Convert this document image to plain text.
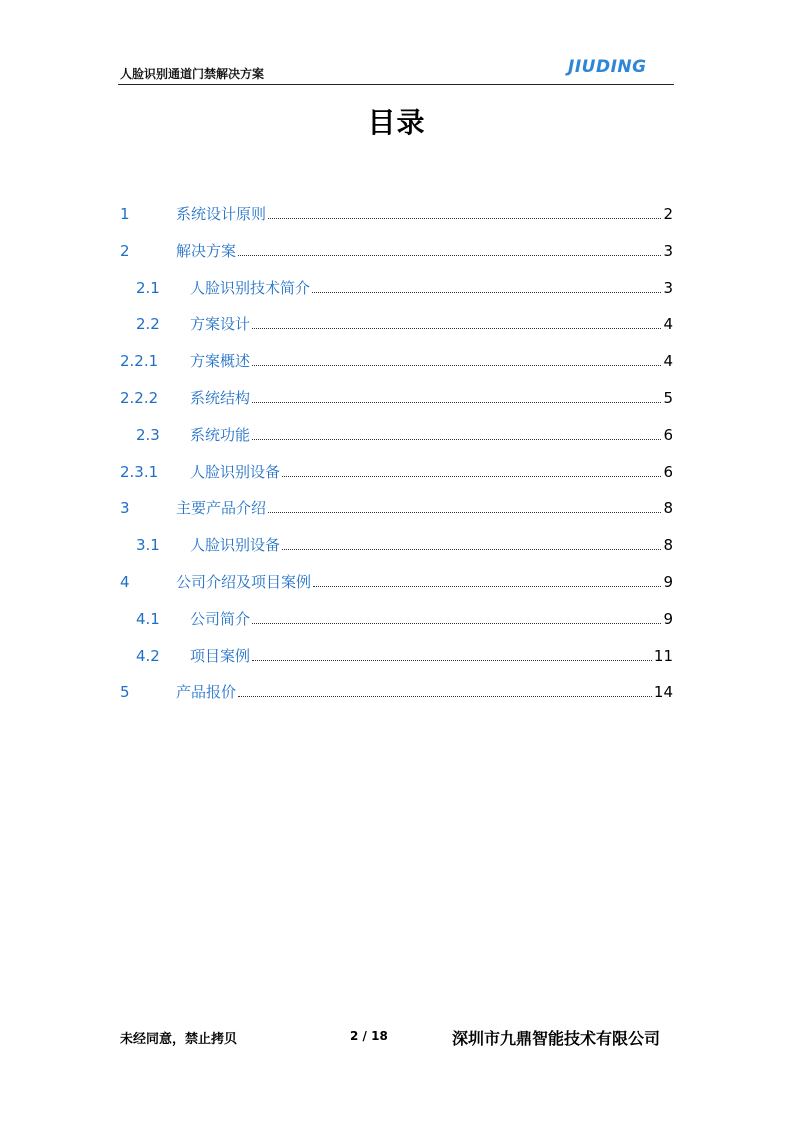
人脸识别通道门禁解决方案	JIUDING
目录
1	系统设计原则	2
2	解决方案	3
2.1 人脸识别技术简介	3
2.2 方案设计	4
2.2.1 方案概述	4
2.2.2 系统结构	5
2.3 系统功能	6
2.3.1 人脸识别设备	6
3	主要产品介绍	8
3.1 人脸识别设备	8
4	公司介绍及项目案例	9
4.1 公司简介	9
4.2 项目案例	11
5	产品报价	14
未经同意，禁止拷贝	2 / 18	深圳市九鼎智能技术有限公司
